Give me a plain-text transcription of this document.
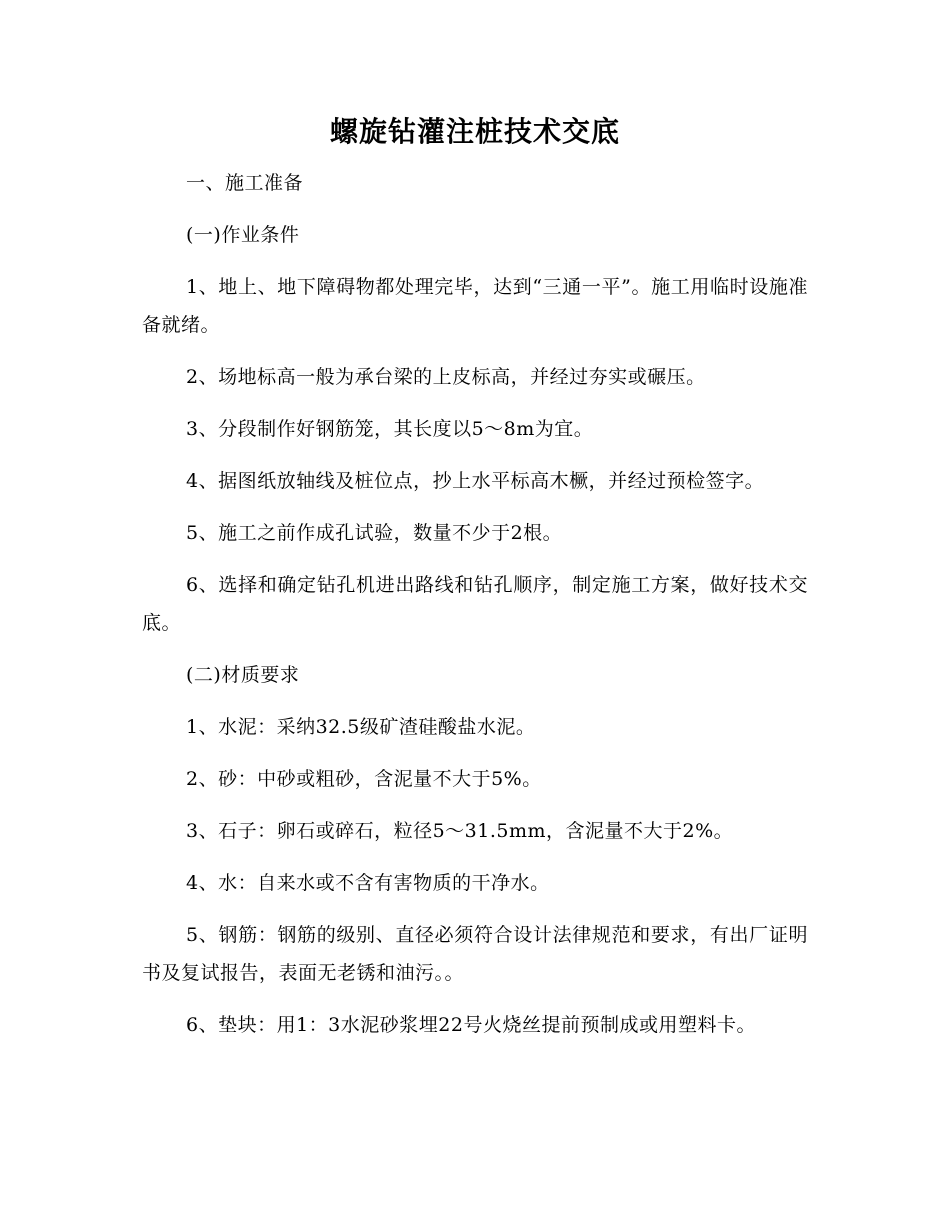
螺旋钻灌注桩技术交底

一、施工准备

(一)作业条件

1、地上、地下障碍物都处理完毕，达到“三通一平”。施工用临时设施准备就绪。

2、场地标高一般为承台梁的上皮标高，并经过夯实或碾压。

3、分段制作好钢筋笼，其长度以5～8m为宜。

4、据图纸放轴线及桩位点，抄上水平标高木橛，并经过预检签字。

5、施工之前作成孔试验，数量不少于2根。

6、选择和确定钻孔机进出路线和钻孔顺序，制定施工方案，做好技术交底。

(二)材质要求

1、水泥：采纳32.5级矿渣硅酸盐水泥。

2、砂：中砂或粗砂，含泥量不大于5%。

3、石子：卵石或碎石，粒径5～31.5mm，含泥量不大于2%。

4、水：自来水或不含有害物质的干净水。

5、钢筋：钢筋的级别、直径必须符合设计法律规范和要求，有出厂证明书及复试报告，表面无老锈和油污。。

6、垫块：用1：3水泥砂浆埋22号火烧丝提前预制成或用塑料卡。
